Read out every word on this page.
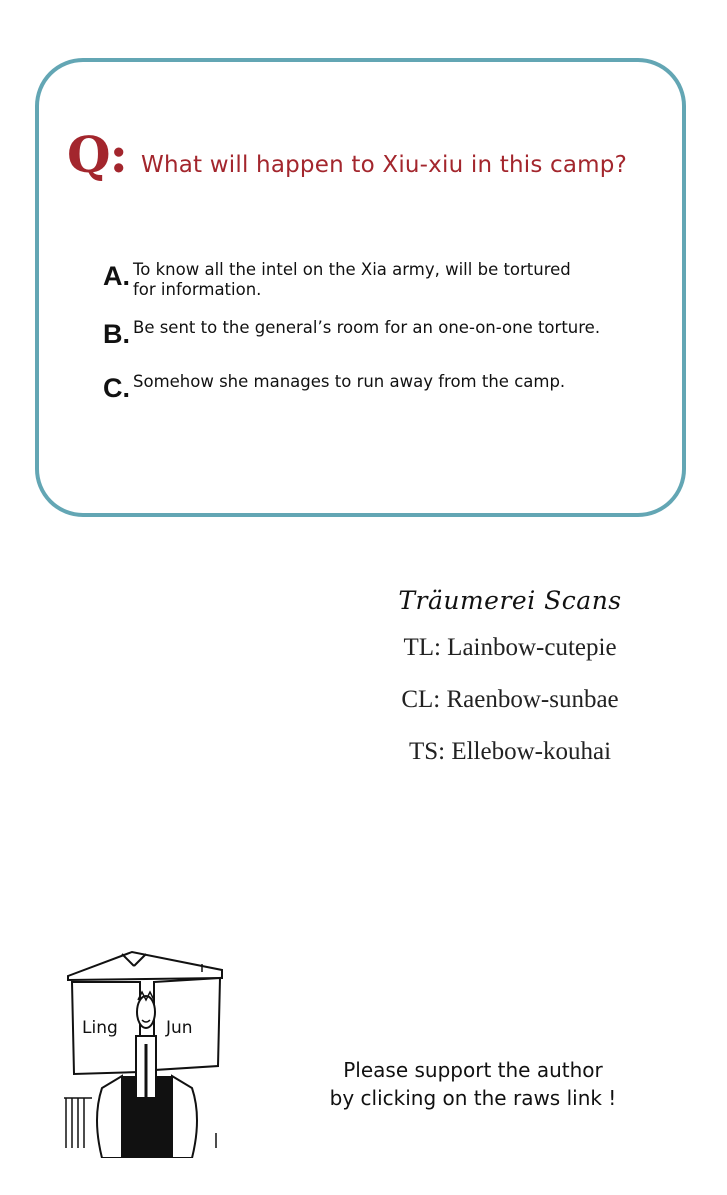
Q: What will happen to Xiu-xiu in this camp?
A. To know all the intel on the Xia army, will be tortured
for information.
B. Be sent to the general’s room for an one-on-one torture.
C. Somehow she manages to run away from the camp.

Träumerei Scans

TL: Lainbow-cutepie

CL: Raenbow-sunbae

TS: Ellebow-kouhai

Ling	Jun

Please support the author

by clicking on the raws link !
